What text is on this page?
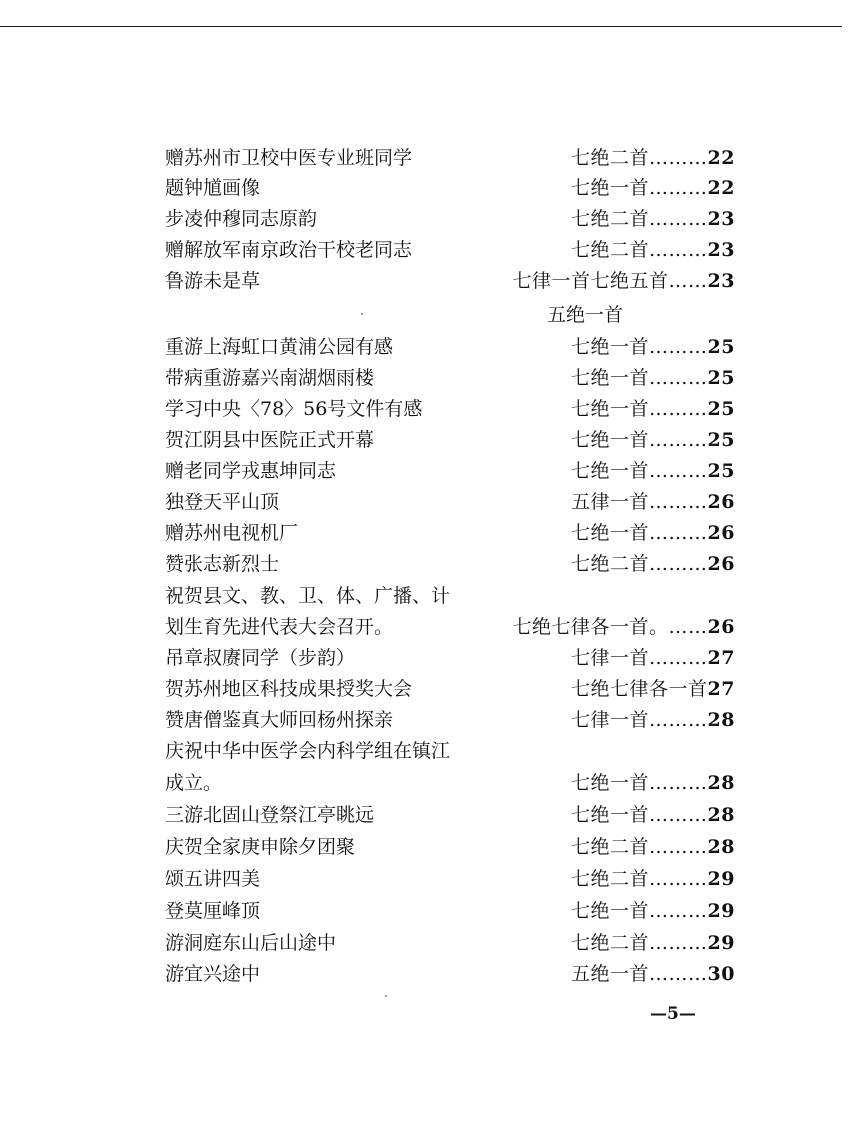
赠苏州市卫校中医专业班同学	七绝二首………22
题钟馗画像	七绝一首………22
步凌仲穆同志原韵	七绝二首………23
赠解放军南京政治干校老同志	七绝二首………23
鲁游未是草	七律一首七绝五首……23
五绝一首
重游上海虹口黄浦公园有感	七绝一首………25
带病重游嘉兴南湖烟雨楼	七绝一首………25
学习中央〈78〉56号文件有感	七绝一首………25
贺江阴县中医院正式开幕	七绝一首………25
赠老同学戎惠坤同志	七绝一首………25
独登天平山顶	五律一首………26
赠苏州电视机厂	七绝一首………26
赞张志新烈士	七绝二首………26
祝贺县文、教、卫、体、广播、计
划生育先进代表大会召开。	七绝七律各一首。……26
吊章叔赓同学（步韵）	七律一首………27
贺苏州地区科技成果授奖大会	七绝七律各一首27
赞唐僧鉴真大师回杨州探亲	七律一首………28
庆祝中华中医学会内科学组在镇江
成立。	七绝一首………28
三游北固山登祭江亭眺远	七绝一首………28
庆贺全家庚申除夕团聚	七绝二首………28
颂五讲四美	七绝二首………29
登莫厘峰顶	七绝一首………29
游洞庭东山后山途中	七绝二首………29
游宜兴途中	五绝一首………30
—5—
